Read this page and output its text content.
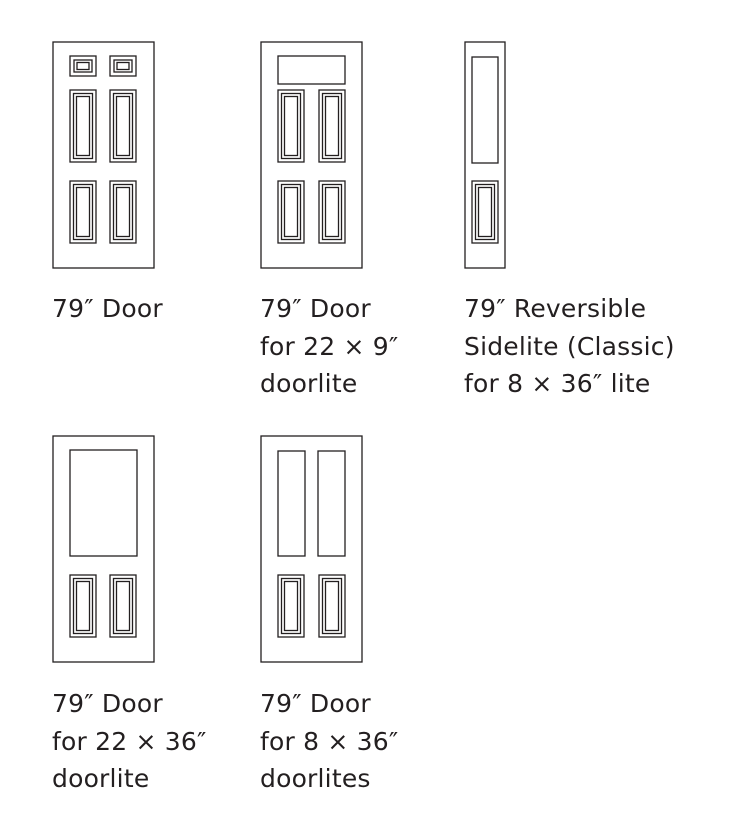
79″ Door	79″ Door
for 22 × 9″
doorlite
79″ Reversible
Sidelite (Classic)
for 8 × 36″ lite
79″ Door
for 22 × 36″
doorlite
79″ Door
for 8 × 36″
doorlites
